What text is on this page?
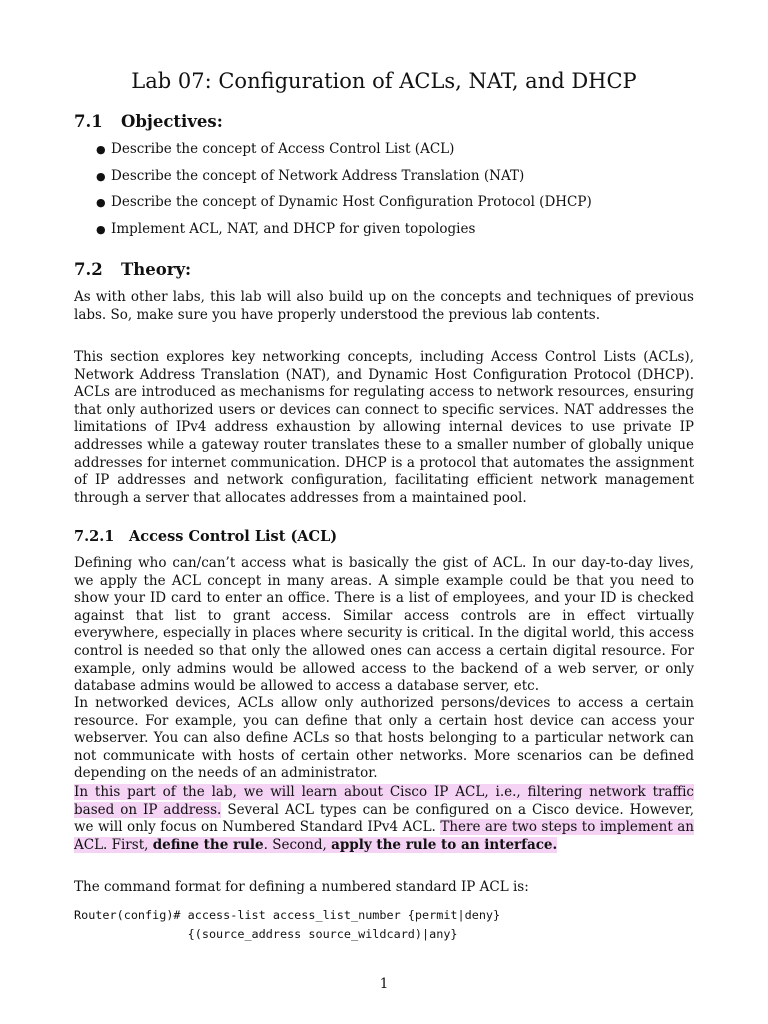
Lab 07: Configuration of ACLs, NAT, and DHCP
7.1 Objectives:
● Describe the concept of Access Control List (ACL)
● Describe the concept of Network Address Translation (NAT)
● Describe the concept of Dynamic Host Configuration Protocol (DHCP)
● Implement ACL, NAT, and DHCP for given topologies
7.2 Theory:

As with other labs, this lab will also build up on the concepts and techniques of previous labs. So, make sure you have properly understood the previous lab contents.

This section explores key networking concepts, including Access Control Lists (ACLs), Network Address Translation (NAT), and Dynamic Host Configuration Protocol (DHCP). ACLs are introduced as mechanisms for regulating access to network resources, ensuring that only authorized users or devices can connect to specific services. NAT addresses the limitations of IPv4 address exhaustion by allowing internal devices to use private IP addresses while a gateway router translates these to a smaller number of globally unique addresses for internet communication. DHCP is a protocol that automates the assignment of IP addresses and network configuration, facilitating efficient network management through a server that allocates addresses from a maintained pool.

7.2.1 Access Control List (ACL)

Defining who can/can’t access what is basically the gist of ACL. In our day-to-day lives, we apply the ACL concept in many areas. A simple example could be that you need to show your ID card to enter an office. There is a list of employees, and your ID is checked against that list to grant access. Similar access controls are in effect virtually everywhere, especially in places where security is critical. In the digital world, this access control is needed so that only the allowed ones can access a certain digital resource. For example, only admins would be allowed access to the backend of a web server, or only database admins would be allowed to access a database server, etc.

In networked devices, ACLs allow only authorized persons/devices to access a certain resource. For example, you can define that only a certain host device can access your webserver. You can also define ACLs so that hosts belonging to a particular network can not communicate with hosts of certain other networks. More scenarios can be defined depending on the needs of an administrator.

In this part of the lab, we will learn about Cisco IP ACL, i.e., filtering network traffic based on IP address. Several ACL types can be configured on a Cisco device. However, we will only focus on Numbered Standard IPv4 ACL. There are two steps to implement an ACL. First, define the rule. Second, apply the rule to an interface.

The command format for defining a numbered standard IP ACL is:

Router(config)# access-list access_list_number {permit|deny}
{(source_address source_wildcard)|any}
1
